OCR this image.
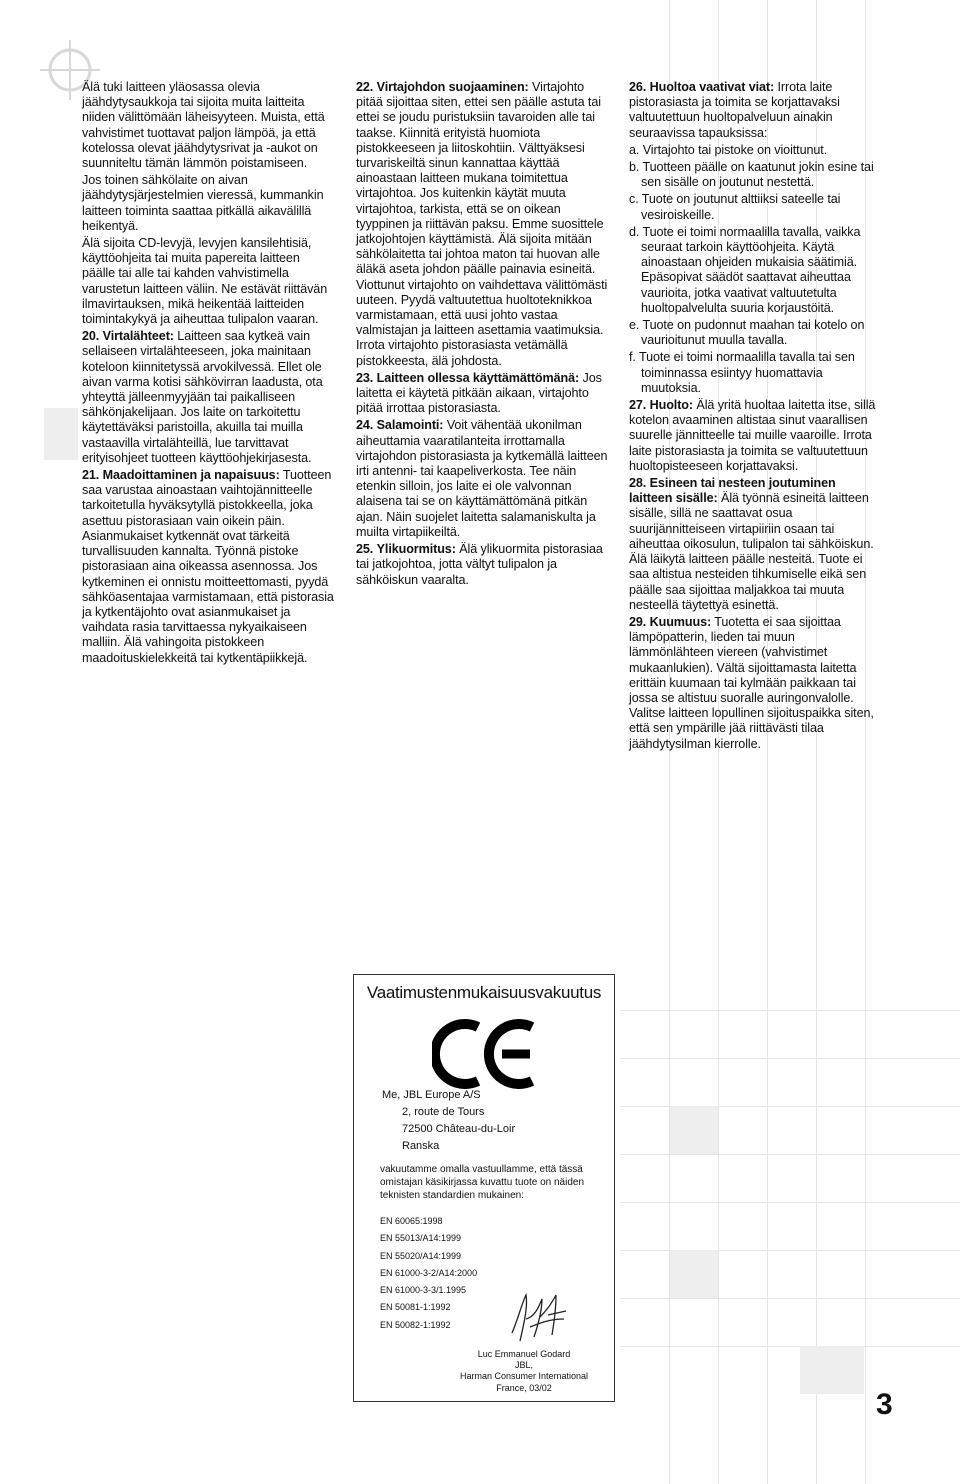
Älä tuki laitteen yläosassa olevia jäähdytysaukkoja tai sijoita muita laitteita niiden välittömään läheisyyteen. Muista, että vahvistimet tuottavat paljon lämpöä, ja että kotelossa olevat jäähdytysrivat ja -aukot on suunniteltu tämän lämmön poistamiseen.

Jos toinen sähkölaite on aivan jäähdytysjärjestelmien vieressä, kummankin laitteen toiminta saattaa pitkällä aikavälillä heikentyä.

Älä sijoita CD-levyjä, levyjen kansilehtisiä, käyttöohjeita tai muita papereita laitteen päälle tai alle tai kahden vahvistimella varustetun laitteen väliin. Ne estävät riittävän ilmavirtauksen, mikä heikentää laitteiden toimintakykyä ja aiheuttaa tulipalon vaaran.

20. Virtalähteet: Laitteen saa kytkeä vain sellaiseen virtalähteeseen, joka mainitaan koteloon kiinnitetyssä arvokilvessä. Ellet ole aivan varma kotisi sähkövirran laadusta, ota yhteyttä jälleenmyyjään tai paikalliseen sähkönjakelijaan. Jos laite on tarkoitettu käytettäväksi paristoilla, akuilla tai muilla vastaavilla virtalähteillä, lue tarvittavat erityisohjeet tuotteen käyttöohjekirjasesta.

21. Maadoittaminen ja napaisuus: Tuotteen saa varustaa ainoastaan vaihtojännitteelle tarkoitetulla hyväksytyllä pistokkeella, joka asettuu pistorasiaan vain oikein päin. Asianmukaiset kytkennät ovat tärkeitä turvallisuuden kannalta. Työnnä pistoke pistorasiaan aina oikeassa asennossa. Jos kytkeminen ei onnistu moitteettomasti, pyydä sähköasentajaa varmistamaan, että pistorasia ja kytkentäjohto ovat asianmukaiset ja vaihdata rasia tarvittaessa nykyaikaiseen malliin. Älä vahingoita pistokkeen maadoituskielekkeitä tai kytkentäpiikkejä.

22. Virtajohdon suojaaminen: Virtajohto pitää sijoittaa siten, ettei sen päälle astuta tai ettei se joudu puristuksiin tavaroiden alle tai taakse. Kiinnitä erityistä huomiota pistokkeeseen ja liitoskohtiin. Välttyäksesi turvariskeiltä sinun kannattaa käyttää ainoastaan laitteen mukana toimitettua virtajohtoa. Jos kuitenkin käytät muuta virtajohtoa, tarkista, että se on oikean tyyppinen ja riittävän paksu. Emme suosittele jatkojohtojen käyttämistä. Älä sijoita mitään sähkölaitetta tai johtoa maton tai huovan alle äläkä aseta johdon päälle painavia esineitä. Viottunut virtajohto on vaihdettava välittömästi uuteen. Pyydä valtuutettua huoltoteknikkoa varmistamaan, että uusi johto vastaa valmistajan ja laitteen asettamia vaatimuksia. Irrota virtajohto pistorasiasta vetämällä pistokkeesta, älä johdosta.

23. Laitteen ollessa käyttämättömänä: Jos laitetta ei käytetä pitkään aikaan, virtajohto pitää irrottaa pistorasiasta.

24. Salamointi: Voit vähentää ukonilman aiheuttamia vaaratilanteita irrottamalla virtajohdon pistorasiasta ja kytkemällä laitteen irti antenni- tai kaapeliverkosta. Tee näin etenkin silloin, jos laite ei ole valvonnan alaisena tai se on käyttämättömänä pitkän ajan. Näin suojelet laitetta salamaniskulta ja muilta virtapiikeiltä.

25. Ylikuormitus: Älä ylikuormita pistorasiaa tai jatkojohtoa, jotta vältyt tulipalon ja sähköiskun vaaralta.

26. Huoltoa vaativat viat: Irrota laite pistorasiasta ja toimita se korjattavaksi valtuutettuun huoltopalveluun ainakin seuraavissa tapauksissa:

a. Virtajohto tai pistoke on vioittunut.

b. Tuotteen päälle on kaatunut jokin esine tai sen sisälle on joutunut nestettä.

c. Tuote on joutunut alttiiksi sateelle tai vesiroiskeille.

d. Tuote ei toimi normaalilla tavalla, vaikka seuraat tarkoin käyttöohjeita. Käytä ainoastaan ohjeiden mukaisia säätimiä. Epäsopivat säädöt saattavat aiheuttaa vaurioita, jotka vaativat valtuutetulta huoltopalvelulta suuria korjaustöitä.

e. Tuote on pudonnut maahan tai kotelo on vaurioitunut muulla tavalla.

f. Tuote ei toimi normaalilla tavalla tai sen toiminnassa esiintyy huomattavia muutoksia.

27. Huolto: Älä yritä huoltaa laitetta itse, sillä kotelon avaaminen altistaa sinut vaarallisen suurelle jännitteelle tai muille vaaroille. Irrota laite pistorasiasta ja toimita se valtuutettuun huoltopisteeseen korjattavaksi.

28. Esineen tai nesteen joutuminen laitteen sisälle: Älä työnnä esineitä laitteen sisälle, sillä ne saattavat osua suurijännitteiseen virtapiiriin osaan tai aiheuttaa oikosulun, tulipalon tai sähköiskun. Älä läikytä laitteen päälle nesteitä. Tuote ei saa altistua nesteiden tihkumiselle eikä sen päälle saa sijoittaa maljakkoa tai muuta nesteellä täytettyä esinettä.

29. Kuumuus: Tuotetta ei saa sijoittaa lämpöpatterin, lieden tai muun lämmönlähteen viereen (vahvistimet mukaanlukien). Vältä sijoittamasta laitetta erittäin kuumaan tai kylmään paikkaan tai jossa se altistuu suoralle auringonvalolle. Valitse laitteen lopullinen sijoituspaikka siten, että sen ympärille jää riittävästi tilaa jäähdytysilman kierrolle.

Vaatimustenmukaisuusvakuutus
Me, JBL Europe A/S
2, route de Tours
72500 Château-du-Loir
Ranska
vakuutamme omalla vastuullamme, että tässä omistajan käsikirjassa kuvattu tuote on näiden teknisten standardien mukainen:
EN 60065:1998
EN 55013/A14:1999
EN 55020/A14:1999
EN 61000-3-2/A14:2000
EN 61000-3-3/1.1995
EN 50081-1:1992
EN 50082-1:1992
Luc Emmanuel Godard
JBL,
Harman Consumer International
France, 03/02
3
